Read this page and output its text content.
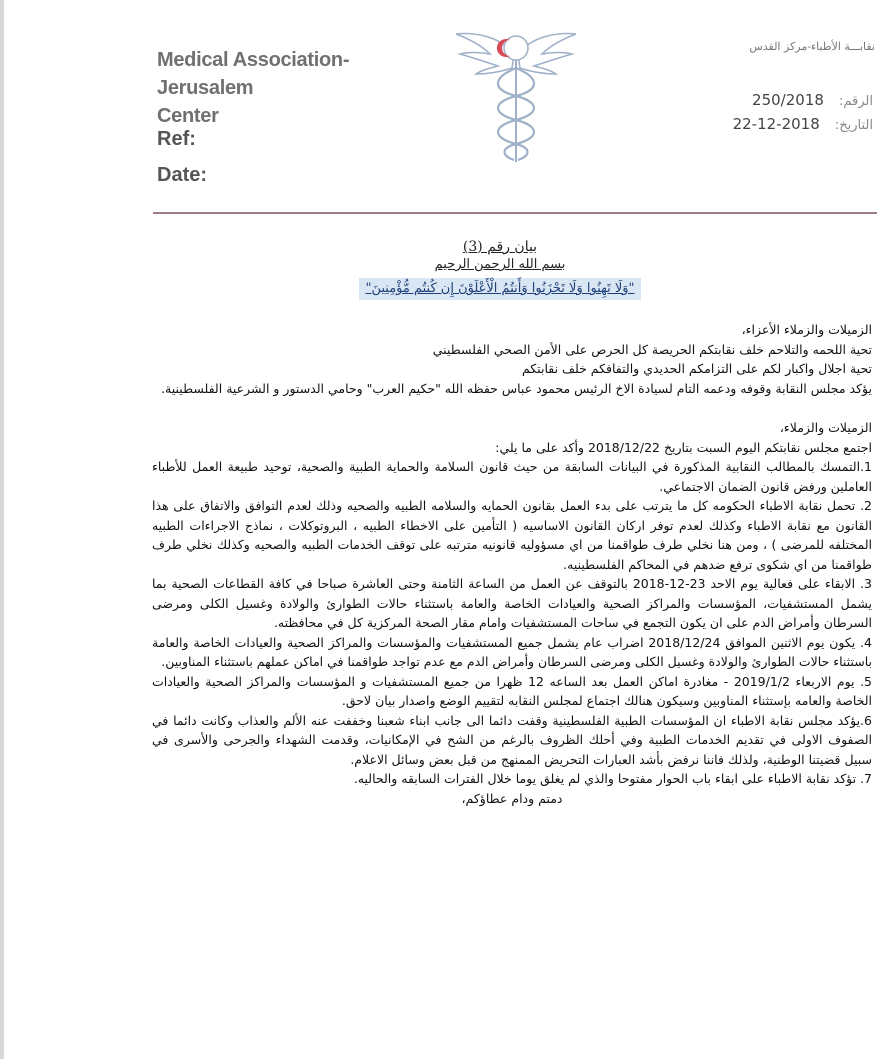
Medical Association-Jerusalem
Center
Ref:
Date:
نقابـــة الأطباء-مركز القدس
الرقم: 250/2018
التاريخ: 22-12-2018
بيان رقم (3)
بسم الله الرحمن الرحيم
"وَلَا تَهِنُوا وَلَا تَحْزَنُوا وَأَنتُمُ الْأَعْلَوْنَ إِن كُنتُم مُّؤْمِنِينَ"

الزميلات والزملاء الأعزاء،

تحية اللحمه والتلاحم خلف نقابتكم الحريصة كل الحرص على الأمن الصحي الفلسطيني

تحية اجلال واكبار لكم على التزامكم الحديدي والتفافكم خلف نقابتكم

يؤكد مجلس النقابة وقوفه ودعمه التام لسيادة الاخ الرئيس محمود عباس حفظه الله "حكيم العرب" وحامي الدستور و الشرعية الفلسطينية.

الزميلات والزملاء،

اجتمع مجلس نقابتكم اليوم السبت بتاريخ 2018/12/22 وأكد على ما يلي:

1.التمسك بالمطالب النقابية المذكورة في البيانات السابقة من حيث قانون السلامة والحماية الطبية والصحية، توحيد طبيعة العمل للأطباء العاملين ورفض قانون الضمان الاجتماعي.

2. تحمل نقابة الاطباء الحكومه كل ما يترتب على بدء العمل بقانون الحمايه والسلامه الطبيه والصحيه وذلك لعدم التوافق والاتفاق على هذا القانون مع نقابة الاطباء وكذلك لعدم توفر اركان القانون الاساسيه ( التأمين على الاخطاء الطبيه ، البروتوكلات ، نماذج الاجراءات الطبيه المختلفه للمرضى ) ، ومن هنا نخلي طرف طواقمنا من اي مسؤوليه قانونيه مترتبه على توقف الخدمات الطبيه والصحيه وكذلك نخلي طرف طواقمنا من اي شكوى ترفع ضدهم في المحاكم الفلسطينيه.

3. الابقاء على فعالية يوم الاحد 23-12-2018 بالتوقف عن العمل من الساعة الثامنة وحتى العاشرة صباحا في كافة القطاعات الصحية بما يشمل المستشفيات، المؤسسات والمراكز الصحية والعيادات الخاصة والعامة باستثناء حالات الطوارئ والولادة وغسيل الكلى ومرضى السرطان وأمراض الدم على ان يكون التجمع في ساحات المستشفيات وامام مقار الصحة المركزية كل في محافظته.

4. يكون يوم الاثنين الموافق 2018/12/24 اضراب عام يشمل جميع المستشفيات والمؤسسات والمراكز الصحية والعيادات الخاصة والعامة باستثناء حالات الطوارئ والولادة وغسيل الكلى ومرضى السرطان وأمراض الدم مع عدم تواجد طواقمنا في اماكن عملهم باستثناء المناوبين.

5. يوم الاربعاء 2019/1/2 - مغادرة اماكن العمل بعد الساعه 12 ظهرا من جميع المستشفيات و المؤسسات والمراكز الصحية والعيادات الخاصة والعامه بإستثناء المناوبين وسيكون هنالك اجتماع لمجلس النقابه لتقييم الوضع واصدار بيان لاحق.

6.يؤكد مجلس نقابة الاطباء ان المؤسسات الطبية الفلسطينية وقفت دائما الى جانب ابناء شعبنا وخففت عنه الألم والعذاب وكانت دائما في الصفوف الاولى في تقديم الخدمات الطبية وفي أحلك الظروف بالرغم من الشح في الإمكانيات، وقدمت الشهداء والجرحى والأسرى في سبيل قضيتنا الوطنية، ولذلك فاننا نرفض بأشد العبارات التحريض الممنهج من قبل بعض وسائل الاعلام.

7. تؤكد نقابة الاطباء على ابقاء باب الحوار مفتوحا والذي لم يغلق يوما خلال الفترات السابقه والحاليه.

دمتم ودام عطاؤكم،
